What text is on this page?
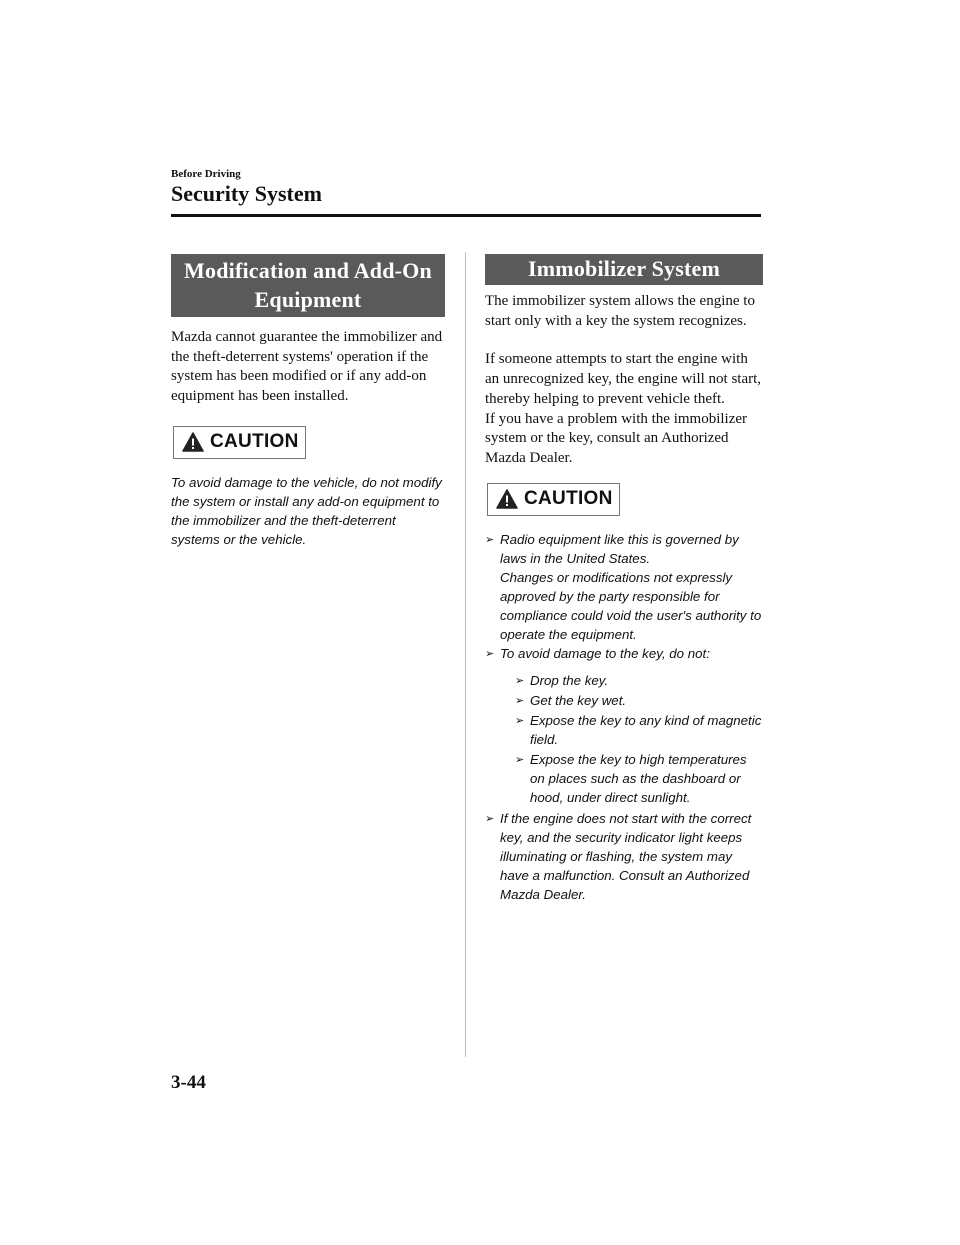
Before Driving
Security System
Modification and Add-On
Equipment

Mazda cannot guarantee the immobilizer and the theft-deterrent systems' operation if the system has been modified or if any add-on equipment has been installed.

CAUTION

To avoid damage to the vehicle, do not modify the system or install any add-on equipment to the immobilizer and the theft-deterrent systems or the vehicle.

Immobilizer System

The immobilizer system allows the engine to start only with a key the system recognizes.

If someone attempts to start the engine with an unrecognized key, the engine will not start, thereby helping to prevent vehicle theft.

If you have a problem with the immobilizer system or the key, consult an Authorized Mazda Dealer.

CAUTION
➢ Radio equipment like this is governed by laws in the United States.
Changes or modifications not expressly approved by the party responsible for compliance could void the user's authority to operate the equipment.
➢ To avoid damage to the key, do not:
➢ Drop the key.
➢ Get the key wet.
➢ Expose the key to any kind of magnetic field.
➢ Expose the key to high temperatures on places such as the dashboard or hood, under direct sunlight.
➢ If the engine does not start with the correct key, and the security indicator light keeps illuminating or flashing, the system may have a malfunction. Consult an Authorized Mazda Dealer.
3-44
